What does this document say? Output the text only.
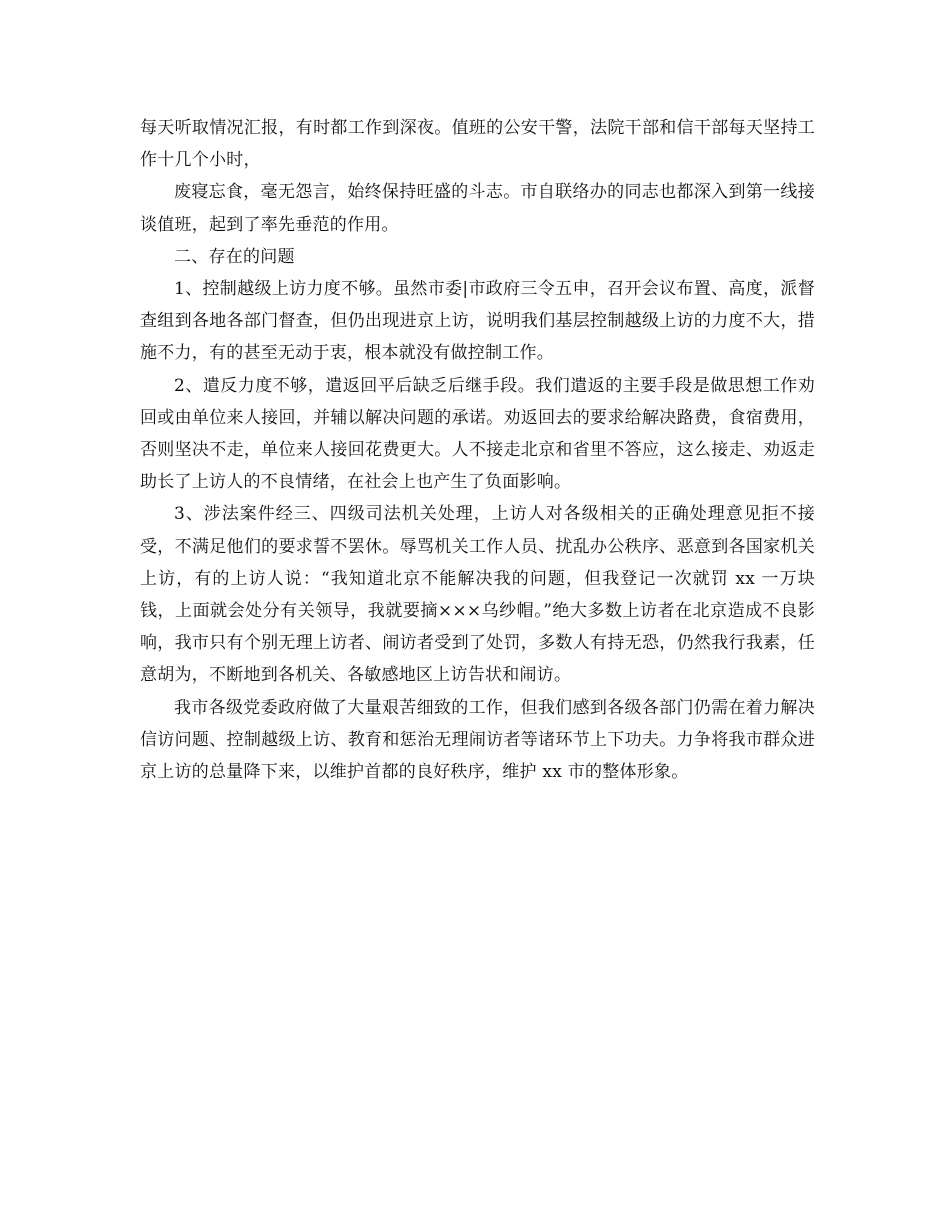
每天听取情况汇报，有时都工作到深夜。值班的公安干警，法院干部和信干部每天坚持工作十几个小时，

废寝忘食，毫无怨言，始终保持旺盛的斗志。市自联络办的同志也都深入到第一线接谈值班，起到了率先垂范的作用。

二、存在的问题

1、控制越级上访力度不够。虽然市委|市政府三令五申，召开会议布置、高度，派督查组到各地各部门督查，但仍出现进京上访，说明我们基层控制越级上访的力度不大，措施不力，有的甚至无动于衷，根本就没有做控制工作。

2、遣反力度不够，遣返回平后缺乏后继手段。我们遣返的主要手段是做思想工作劝回或由单位来人接回，并辅以解决问题的承诺。劝返回去的要求给解决路费，食宿费用，否则坚决不走，单位来人接回花费更大。人不接走北京和省里不答应，这么接走、劝返走助长了上访人的不良情绪，在社会上也产生了负面影响。

3、涉法案件经三、四级司法机关处理，上访人对各级相关的正确处理意见拒不接受，不满足他们的要求誓不罢休。辱骂机关工作人员、扰乱办公秩序、恶意到各国家机关上访，有的上访人说：“我知道北京不能解决我的问题，但我登记一次就罚 xx 一万块钱，上面就会处分有关领导，我就要摘×××乌纱帽。”绝大多数上访者在北京造成不良影响，我市只有个别无理上访者、闹访者受到了处罚，多数人有持无恐，仍然我行我素，任意胡为，不断地到各机关、各敏感地区上访告状和闹访。

我市各级党委政府做了大量艰苦细致的工作，但我们感到各级各部门仍需在着力解决信访问题、控制越级上访、教育和惩治无理闹访者等诸环节上下功夫。力争将我市群众进京上访的总量降下来，以维护首都的良好秩序，维护 xx 市的整体形象。
